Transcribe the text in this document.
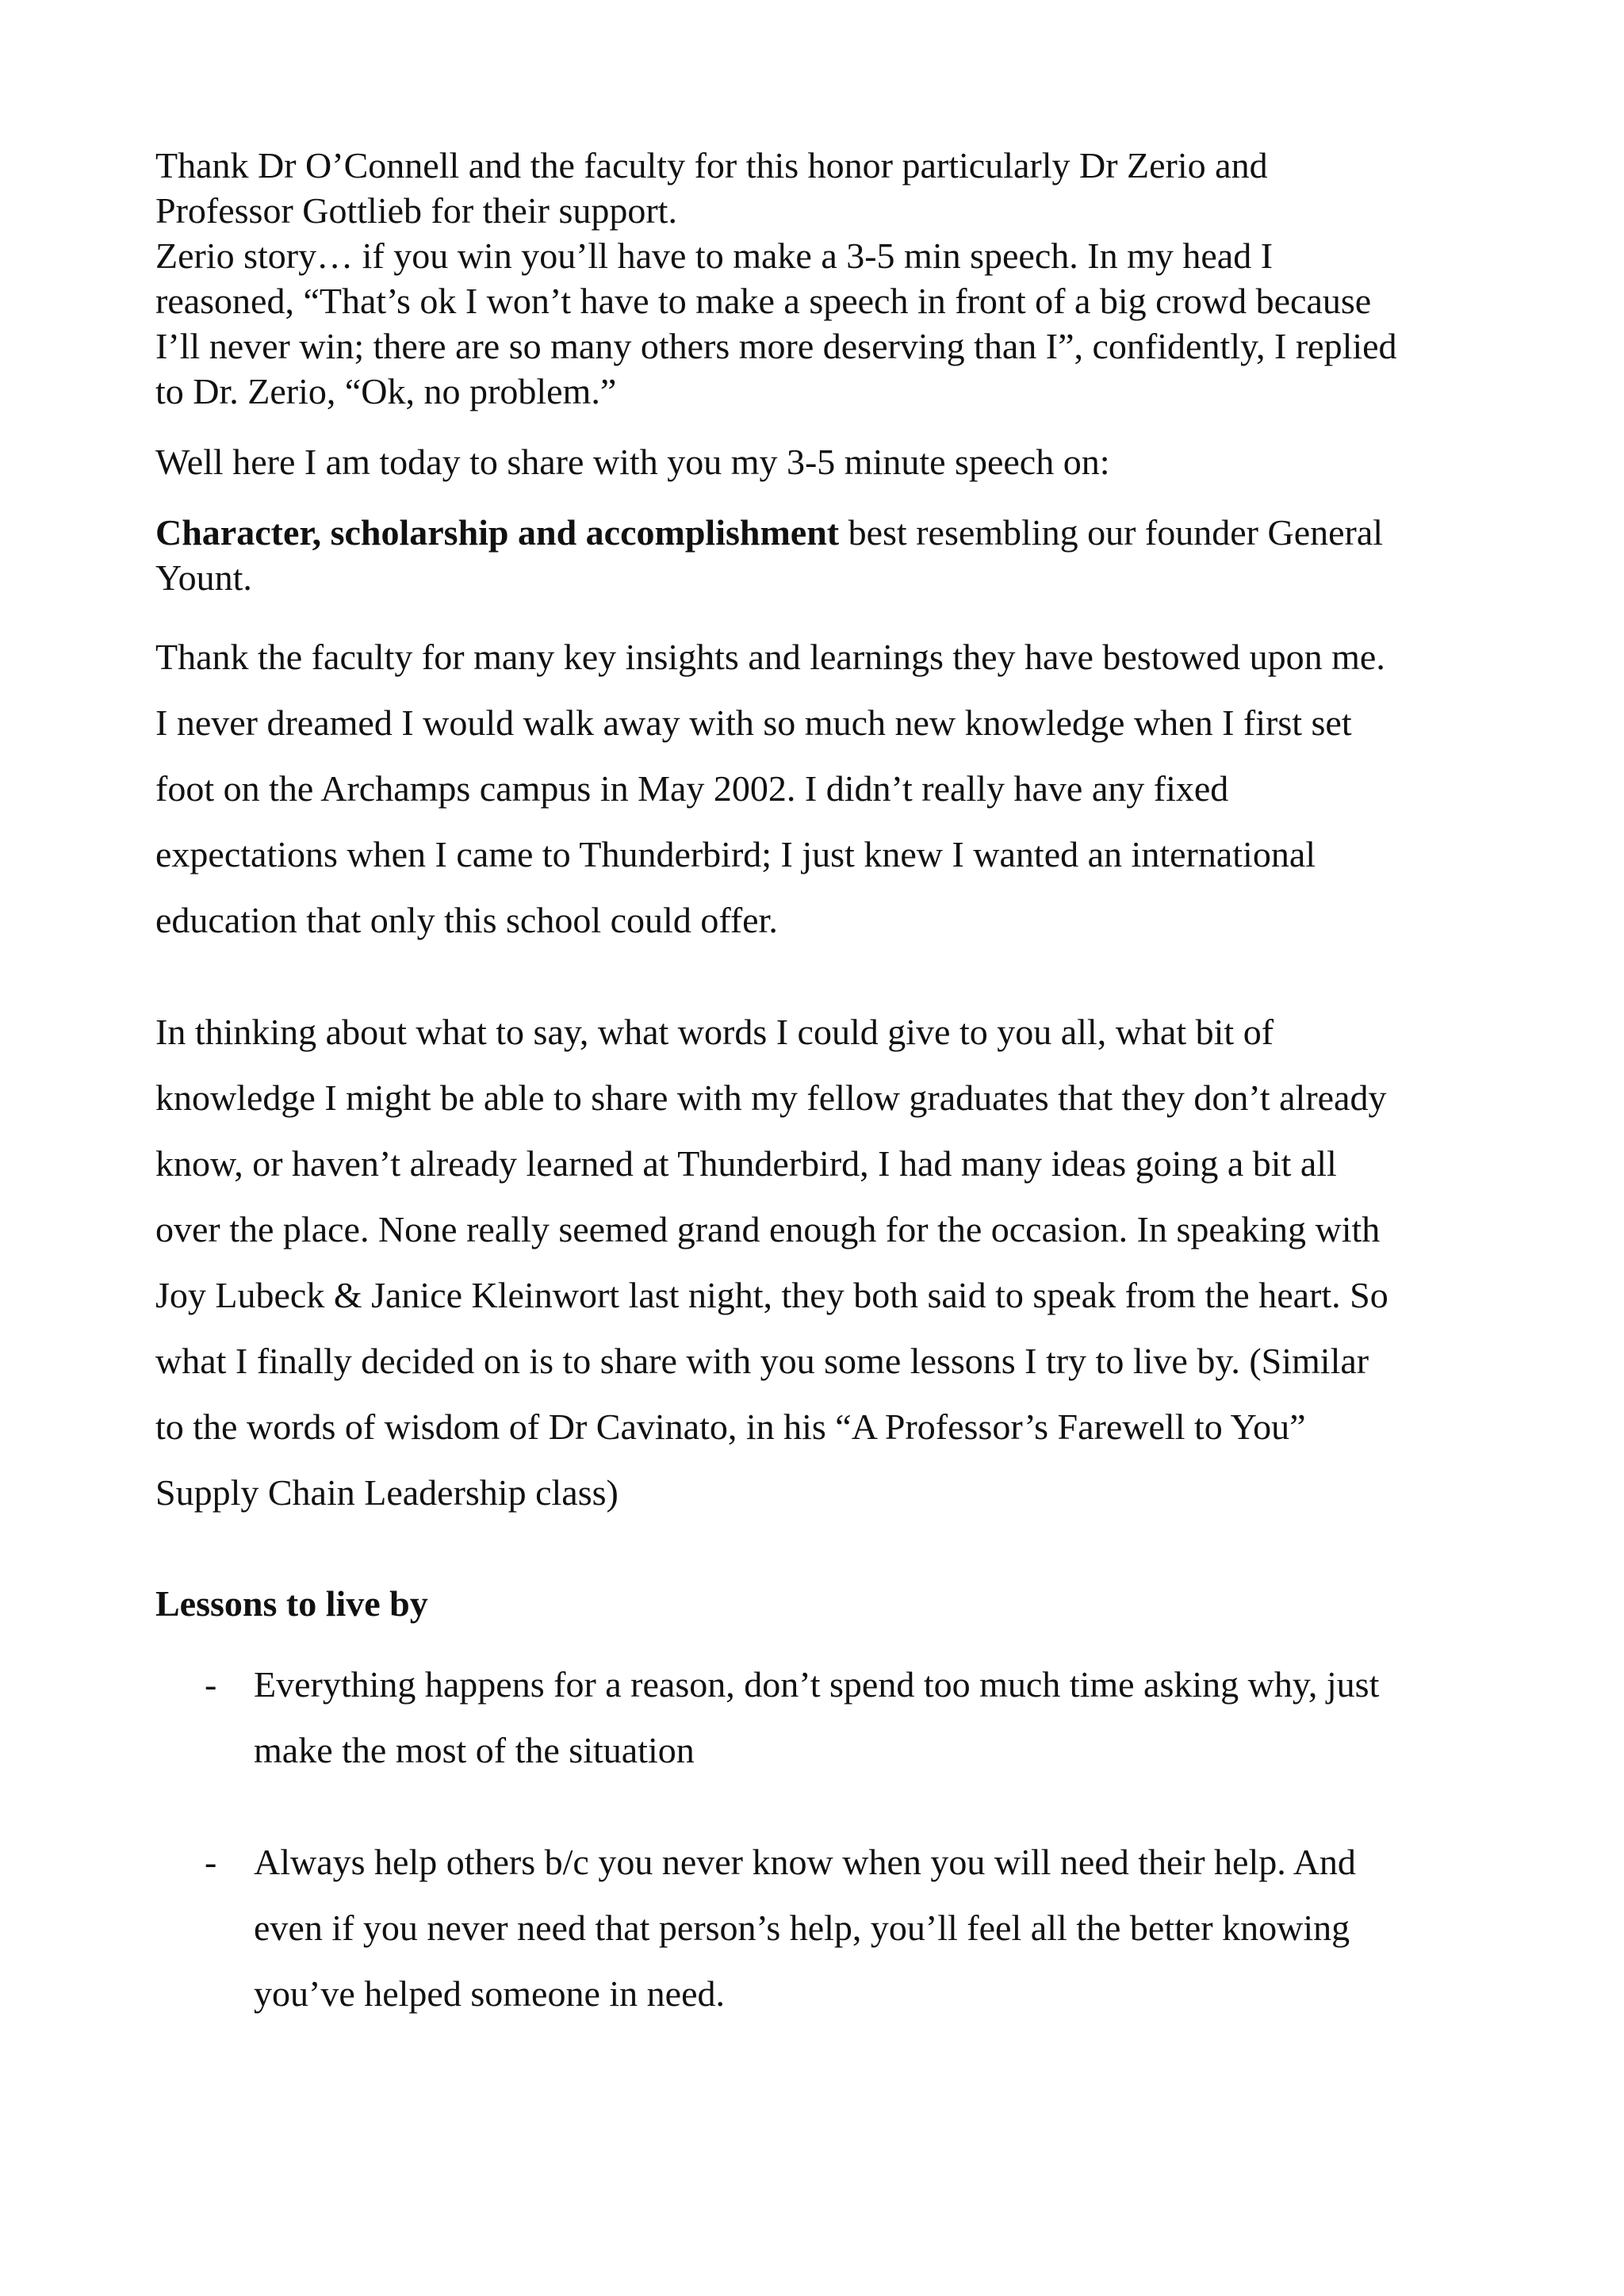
Thank Dr O’Connell and the faculty for this honor particularly Dr Zerio and

Professor Gottlieb for their support.

Zerio story… if you win you’ll have to make a 3-5 min speech. In my head I

reasoned, “That’s ok I won’t have to make a speech in front of a big crowd because

I’ll never win; there are so many others more deserving than I”, confidently, I replied

to Dr. Zerio, “Ok, no problem.”

Well here I am today to share with you my 3-5 minute speech on:

Character, scholarship and accomplishment best resembling our founder General

Yount.

Thank the faculty for many key insights and learnings they have bestowed upon me.

I never dreamed I would walk away with so much new knowledge when I first set

foot on the Archamps campus in May 2002. I didn’t really have any fixed

expectations when I came to Thunderbird; I just knew I wanted an international

education that only this school could offer.

In thinking about what to say, what words I could give to you all, what bit of

knowledge I might be able to share with my fellow graduates that they don’t already

know, or haven’t already learned at Thunderbird, I had many ideas going a bit all

over the place. None really seemed grand enough for the occasion. In speaking with

Joy Lubeck & Janice Kleinwort last night, they both said to speak from the heart. So

what I finally decided on is to share with you some lessons I try to live by. (Similar

to the words of wisdom of Dr Cavinato, in his “A Professor’s Farewell to You”

Supply Chain Leadership class)

Lessons to live by

- Everything happens for a reason, don’t spend too much time asking why, just

make the most of the situation

- Always help others b/c you never know when you will need their help. And

even if you never need that person’s help, you’ll feel all the better knowing

you’ve helped someone in need.
